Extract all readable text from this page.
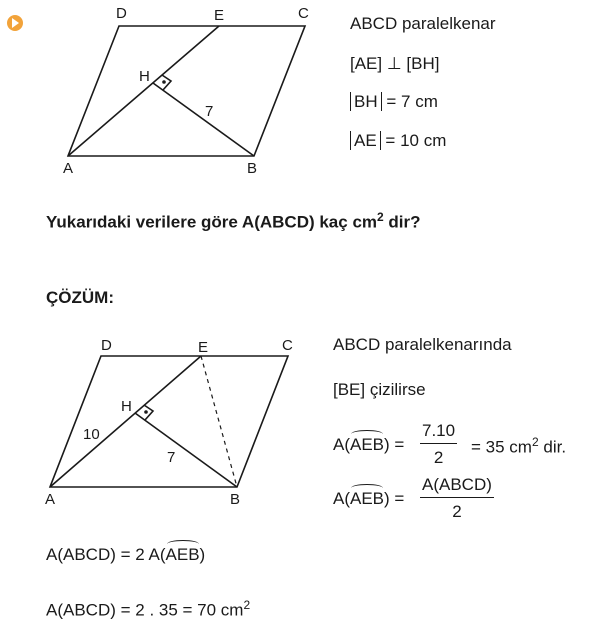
D	E	C
H
A	B
7
ABCD paralelkenar
[AE] ⊥ [BH]
BH = 7 cm
AE = 10 cm
Yukarıdaki verilere göre A(ABCD) kaç $cm^2$ dir?
ÇÖZÜM:
D	E	C
H
A	B
10
7
ABCD paralelkenarında
[BE] çizilirse
$A(AEB) = \frac{7.10}{2} = 35$ $cm^2$ dir.
A(AEB) =
A(ABCD)
2
A(ABCD) = 2 A(AEB)
A(ABCD) = 2 . 35 = 70 $cm^2$
